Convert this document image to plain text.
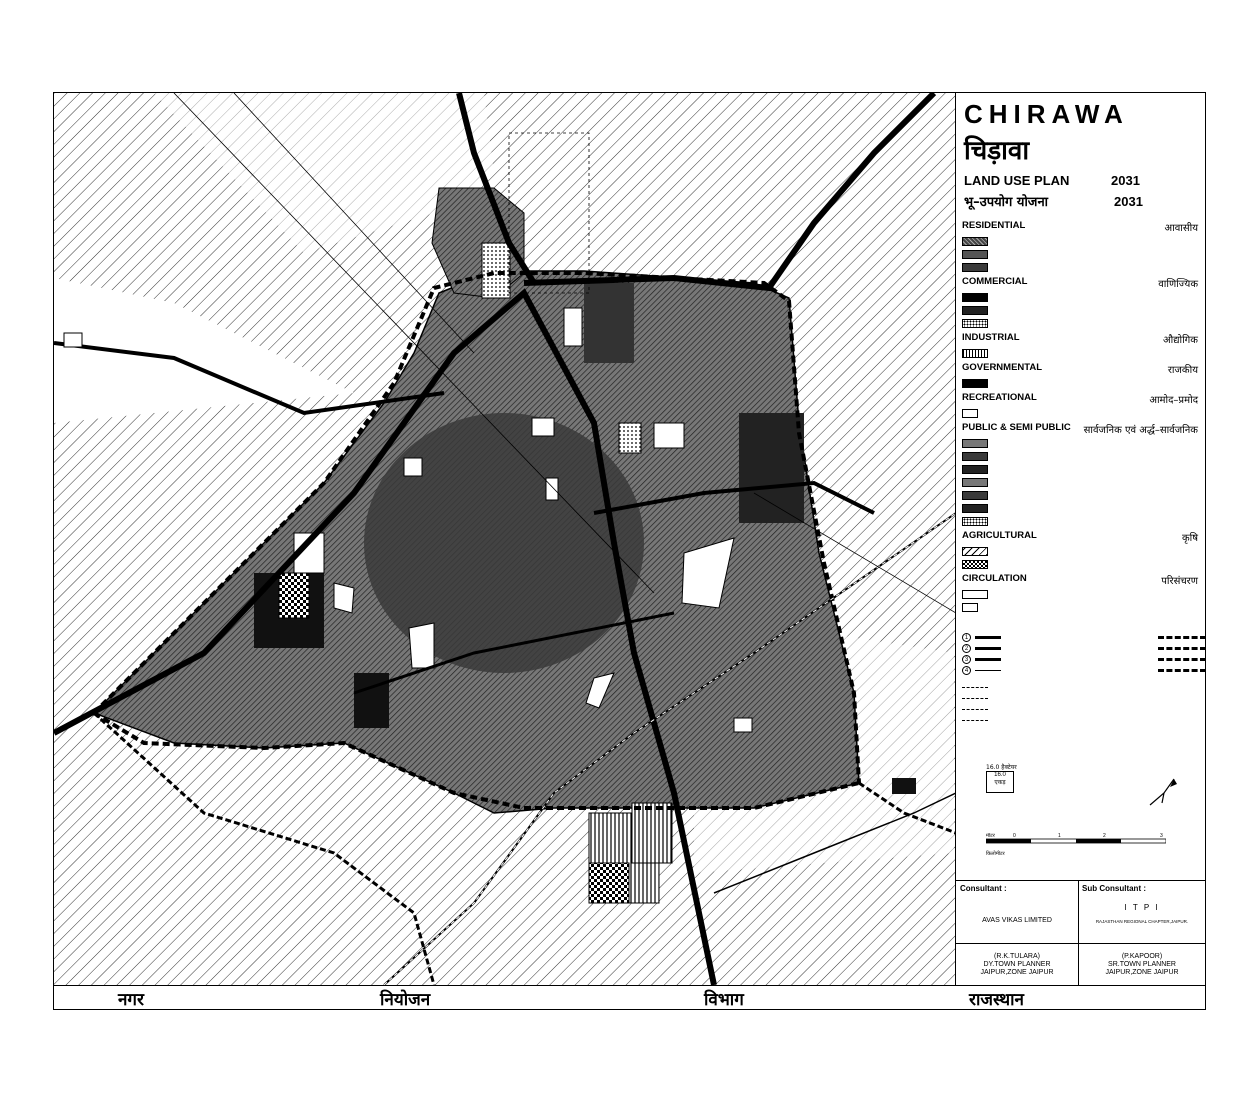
CHIRAWA
चिड़ावा
LAND USE PLAN	2031
भू–उपयोग योजना	2031
RESIDENTIAL	आवासीय
COMMERCIAL	वाणिज्यिक
INDUSTRIAL	औद्योगिक
GOVERNMENTAL	राजकीय
RECREATIONAL	आमोद–प्रमोद
PUBLIC & SEMI PUBLIC सार्वजनिक एवं अर्द्ध–सार्वजनिक
AGRICULTURAL	कृषि
CIRCULATION	परिसंचरण
1
2
3
4
16.0 हैक्टेयर
16.0
एकड़
मीटर
किलोमीटर
0	1	2	3
Consultant :
AVAS VIKAS LIMITED
(R.K.TULARA)
DY.TOWN PLANNER
JAIPUR,ZONE JAIPUR
Sub Consultant :
I T P I
RAJASTHAN REGIONAL CHAPTER,JAIPUR.
(P.KAPOOR)
SR.TOWN PLANNER
JAIPUR,ZONE JAIPUR
नगर	नियोजन	विभाग	राजस्थान
